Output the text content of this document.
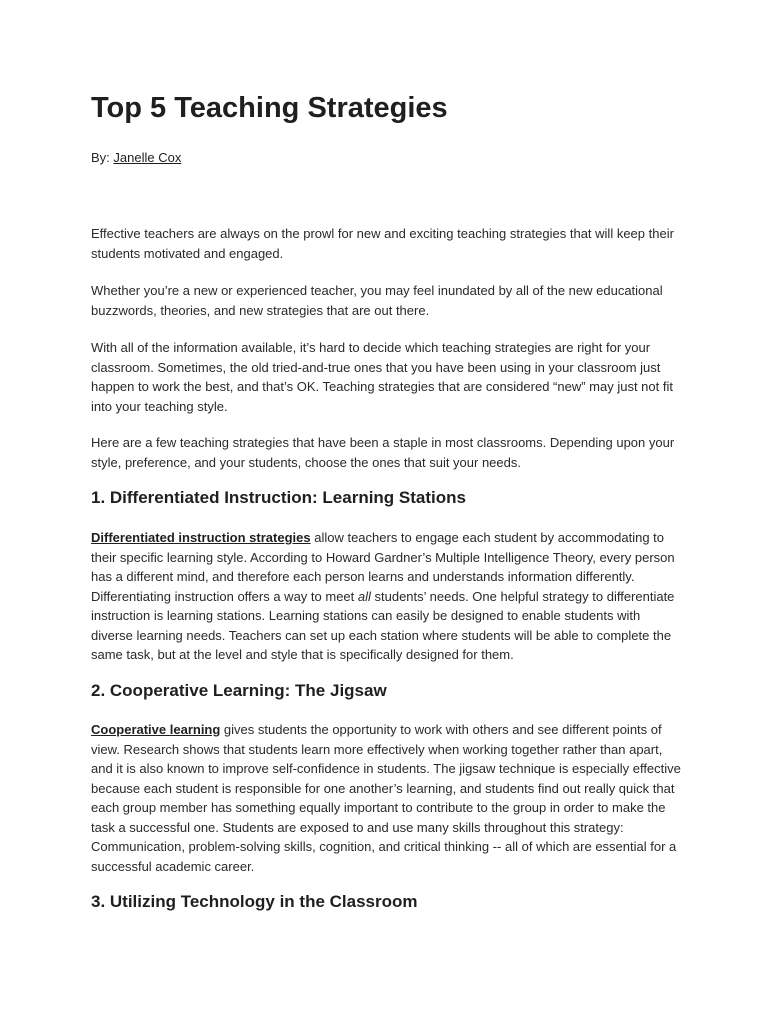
Top 5 Teaching Strategies
By: Janelle Cox

Effective teachers are always on the prowl for new and exciting teaching strategies that will keep their students motivated and engaged.

Whether you’re a new or experienced teacher, you may feel inundated by all of the new educational buzzwords, theories, and new strategies that are out there.

With all of the information available, it’s hard to decide which teaching strategies are right for your classroom. Sometimes, the old tried-and-true ones that you have been using in your classroom just happen to work the best, and that’s OK. Teaching strategies that are considered “new” may just not fit into your teaching style.

Here are a few teaching strategies that have been a staple in most classrooms. Depending upon your style, preference, and your students, choose the ones that suit your needs.

1. Differentiated Instruction: Learning Stations

Differentiated instruction strategies allow teachers to engage each student by accommodating to their specific learning style. According to Howard Gardner’s Multiple Intelligence Theory, every person has a different mind, and therefore each person learns and understands information differently. Differentiating instruction offers a way to meet all students’ needs. One helpful strategy to differentiate instruction is learning stations. Learning stations can easily be designed to enable students with diverse learning needs. Teachers can set up each station where students will be able to complete the same task, but at the level and style that is specifically designed for them.

2. Cooperative Learning: The Jigsaw

Cooperative learning gives students the opportunity to work with others and see different points of view. Research shows that students learn more effectively when working together rather than apart, and it is also known to improve self-confidence in students. The jigsaw technique is especially effective because each student is responsible for one another’s learning, and students find out really quick that each group member has something equally important to contribute to the group in order to make the task a successful one. Students are exposed to and use many skills throughout this strategy: Communication, problem-solving skills, cognition, and critical thinking -- all of which are essential for a successful academic career.

3. Utilizing Technology in the Classroom
